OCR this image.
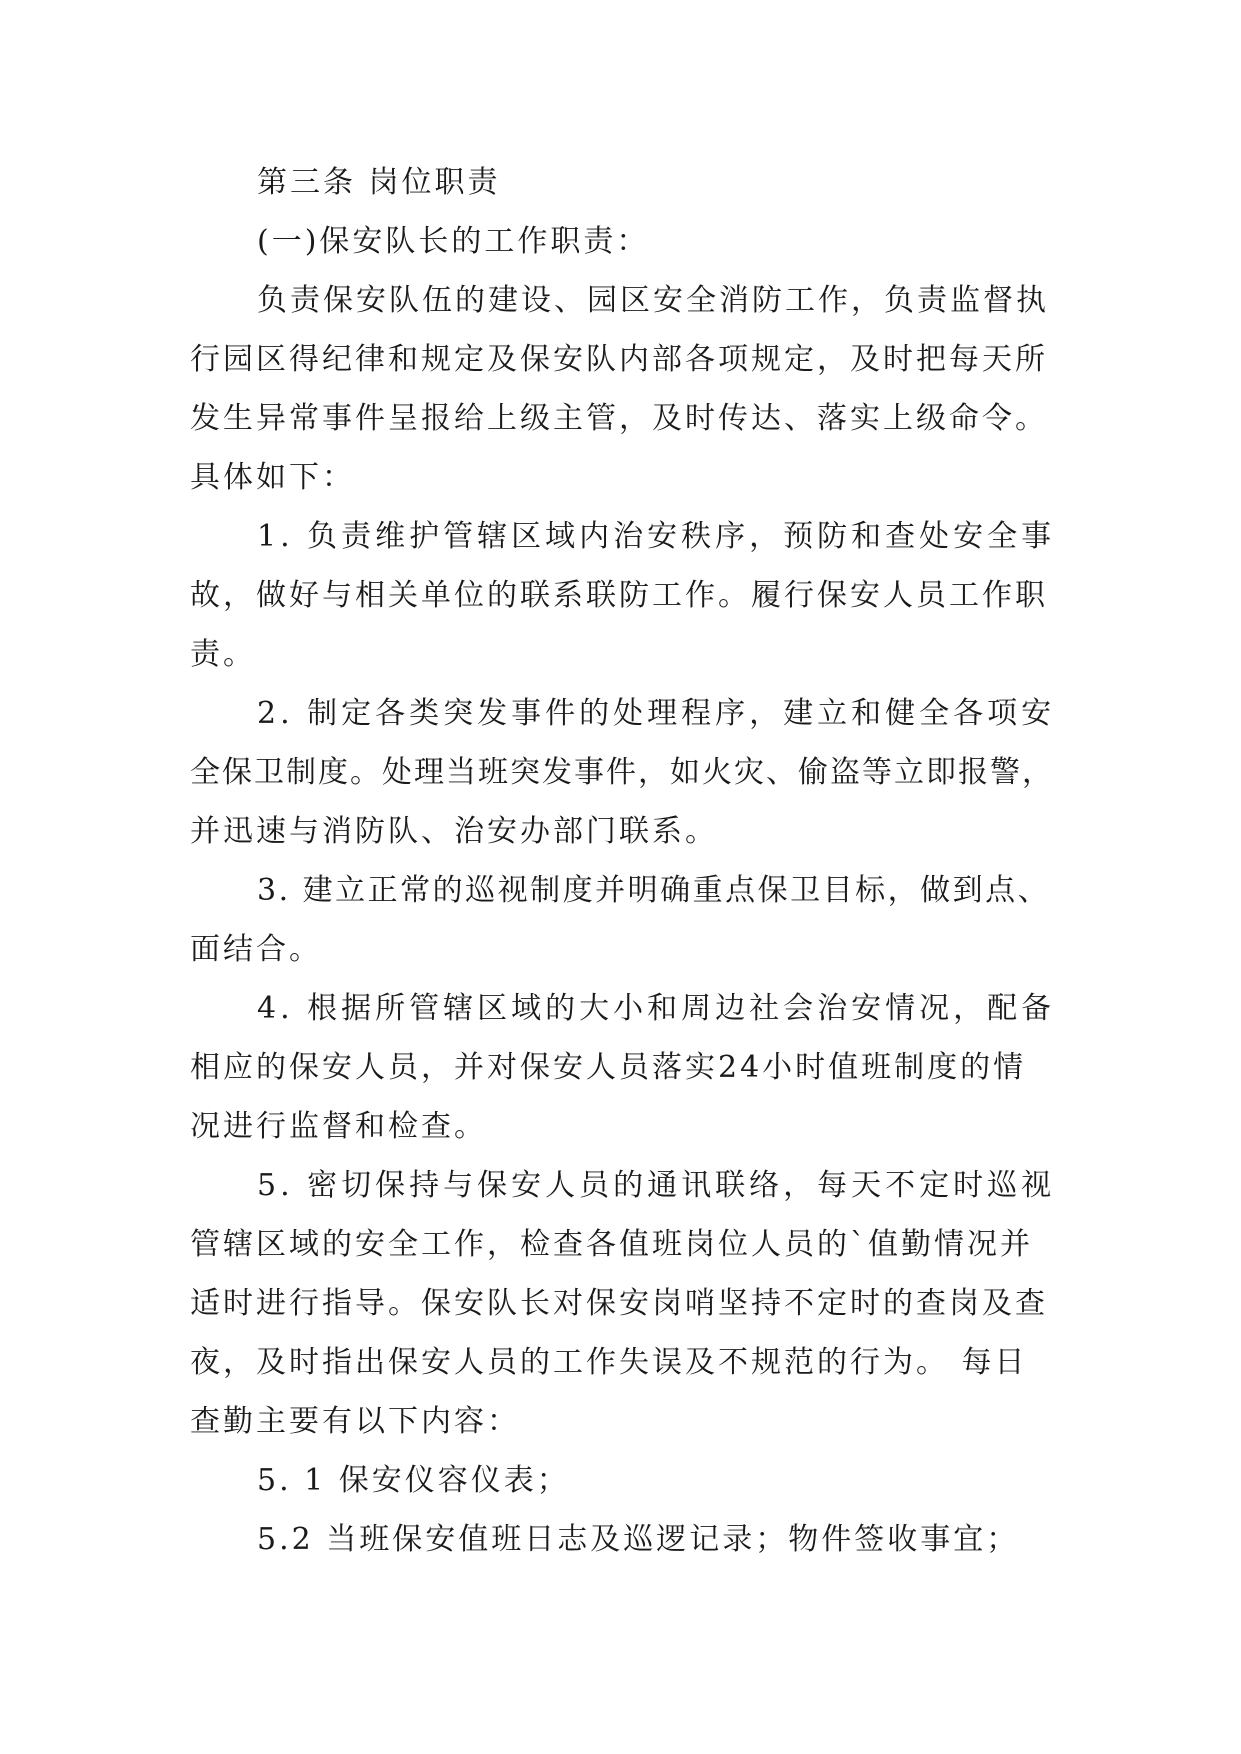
第三条 岗位职责
(一)保安队长的工作职责：
负责保安队伍的建设、园区安全消防工作，负责监督执
行园区得纪律和规定及保安队内部各项规定，及时把每天所
发生异常事件呈报给上级主管，及时传达、落实上级命令。
具体如下：
1. 负责维护管辖区域内治安秩序，预防和查处安全事
故，做好与相关单位的联系联防工作。履行保安人员工作职
责。
2. 制定各类突发事件的处理程序，建立和健全各项安
全保卫制度。处理当班突发事件，如火灾、偷盗等立即报警，
并迅速与消防队、治安办部门联系。
3. 建立正常的巡视制度并明确重点保卫目标，做到点、
面结合。
4. 根据所管辖区域的大小和周边社会治安情况，配备
相应的保安人员，并对保安人员落实24小时值班制度的情
况进行监督和检查。
5. 密切保持与保安人员的通讯联络，每天不定时巡视
管辖区域的安全工作，检查各值班岗位人员的`值勤情况并
适时进行指导。保安队长对保安岗哨坚持不定时的查岗及查
夜，及时指出保安人员的工作失误及不规范的行为。 每日
查勤主要有以下内容：
5. 1 保安仪容仪表；
5.2 当班保安值班日志及巡逻记录；物件签收事宜；
